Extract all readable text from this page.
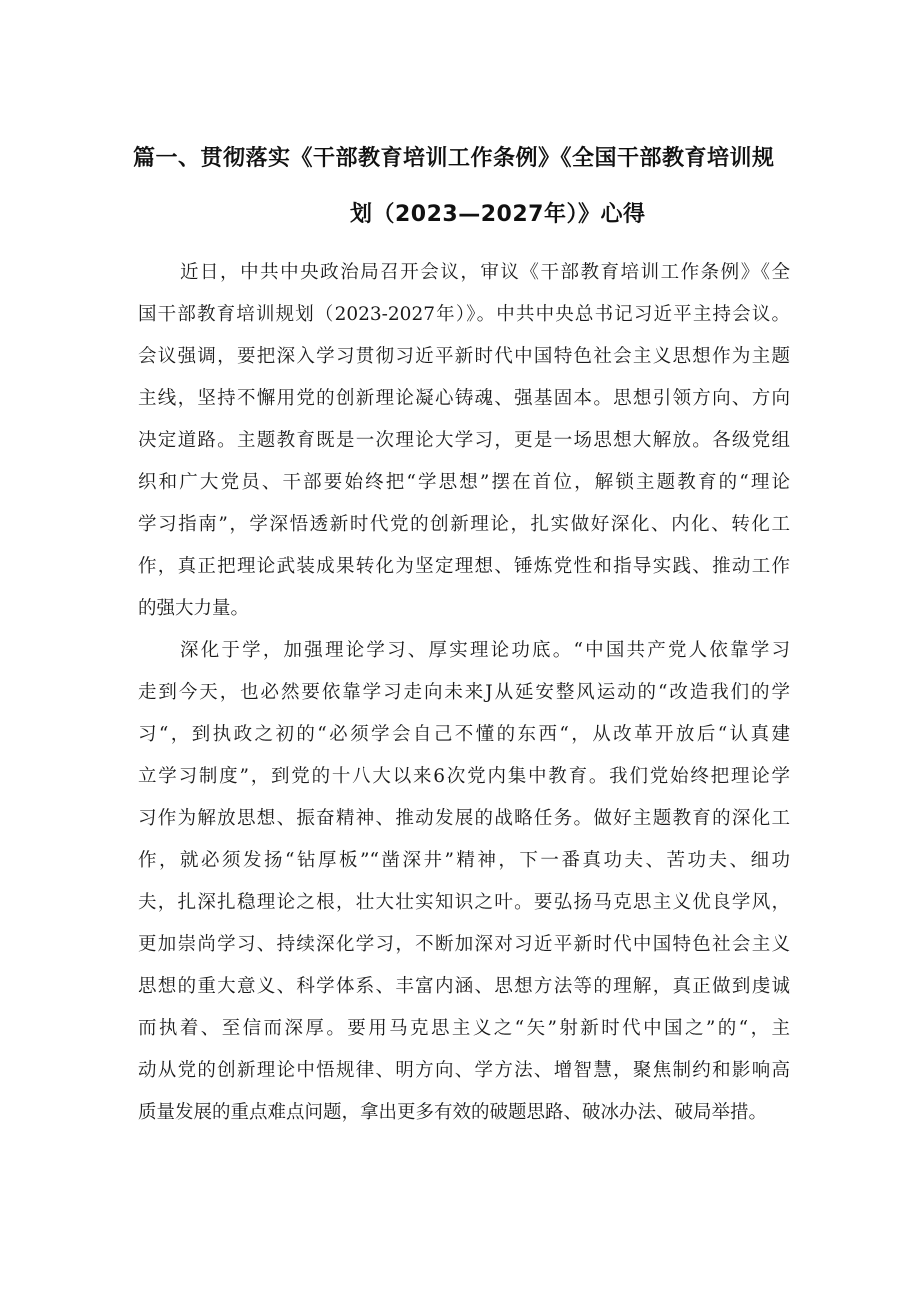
篇一、贯彻落实《干部教育培训工作条例》《全国干部教育培训规
划（2023—2027年）》心得
近日，中共中央政治局召开会议，审议《干部教育培训工作条例》《全
国干部教育培训规划（2023-2027年）》。中共中央总书记习近平主持会议。
会议强调，要把深入学习贯彻习近平新时代中国特色社会主义思想作为主题
主线，坚持不懈用党的创新理论凝心铸魂、强基固本。思想引领方向、方向
决定道路。主题教育既是一次理论大学习，更是一场思想大解放。各级党组
织和广大党员、干部要始终把“学思想”摆在首位，解锁主题教育的“理论
学习指南”，学深悟透新时代党的创新理论，扎实做好深化、内化、转化工
作，真正把理论武装成果转化为坚定理想、锤炼党性和指导实践、推动工作
的强大力量。
深化于学，加强理论学习、厚实理论功底。“中国共产党人依靠学习
走到今天，也必然要依靠学习走向未来J从延安整风运动的“改造我们的学
习“，到执政之初的“必须学会自己不懂的东西“，从改革开放后“认真建
立学习制度”，到党的十八大以来6次党内集中教育。我们党始终把理论学
习作为解放思想、振奋精神、推动发展的战略任务。做好主题教育的深化工
作，就必须发扬“钻厚板”“凿深井”精神，下一番真功夫、苦功夫、细功
夫，扎深扎稳理论之根，壮大壮实知识之叶。要弘扬马克思主义优良学风，
更加崇尚学习、持续深化学习，不断加深对习近平新时代中国特色社会主义
思想的重大意义、科学体系、丰富内涵、思想方法等的理解，真正做到虔诚
而执着、至信而深厚。要用马克思主义之“矢”射新时代中国之”的“，主
动从党的创新理论中悟规律、明方向、学方法、增智慧，聚焦制约和影响高
质量发展的重点难点问题，拿出更多有效的破题思路、破冰办法、破局举措。
